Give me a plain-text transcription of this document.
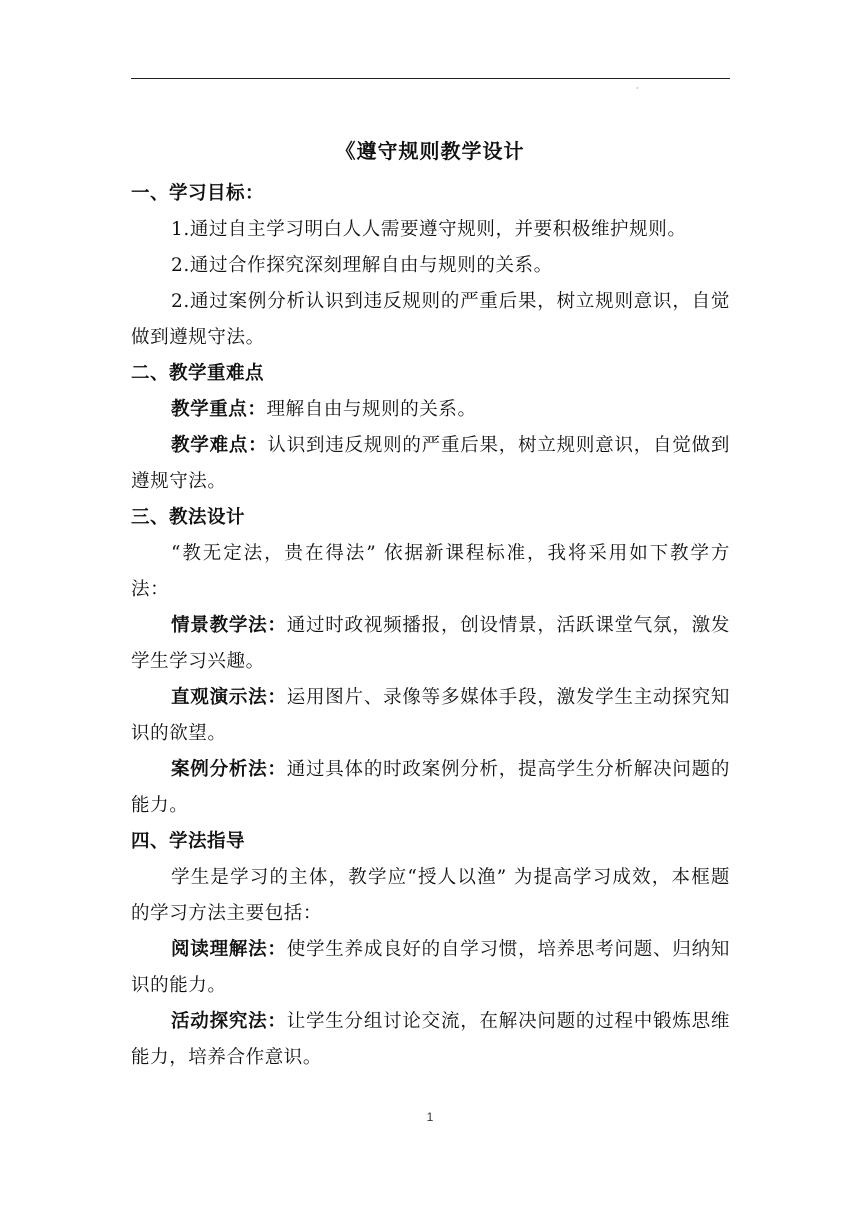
·
《遵守规则教学设计

一、学习目标：

1.通过自主学习明白人人需要遵守规则，并要积极维护规则。

2.通过合作探究深刻理解自由与规则的关系。

2.通过案例分析认识到违反规则的严重后果，树立规则意识，自觉做到遵规守法。

二、教学重难点

教学重点：理解自由与规则的关系。

教学难点：认识到违反规则的严重后果，树立规则意识，自觉做到遵规守法。

三、教法设计

“教无定法，贵在得法” 依据新课程标准，我将采用如下教学方法：

情景教学法：通过时政视频播报，创设情景，活跃课堂气氛，激发学生学习兴趣。

直观演示法：运用图片、录像等多媒体手段，激发学生主动探究知识的欲望。

案例分析法：通过具体的时政案例分析，提高学生分析解决问题的能力。

四、学法指导

学生是学习的主体，教学应“授人以渔” 为提高学习成效，本框题的学习方法主要包括：

阅读理解法：使学生养成良好的自学习惯，培养思考问题、归纳知识的能力。

活动探究法：让学生分组讨论交流，在解决问题的过程中锻炼思维能力，培养合作意识。

1
